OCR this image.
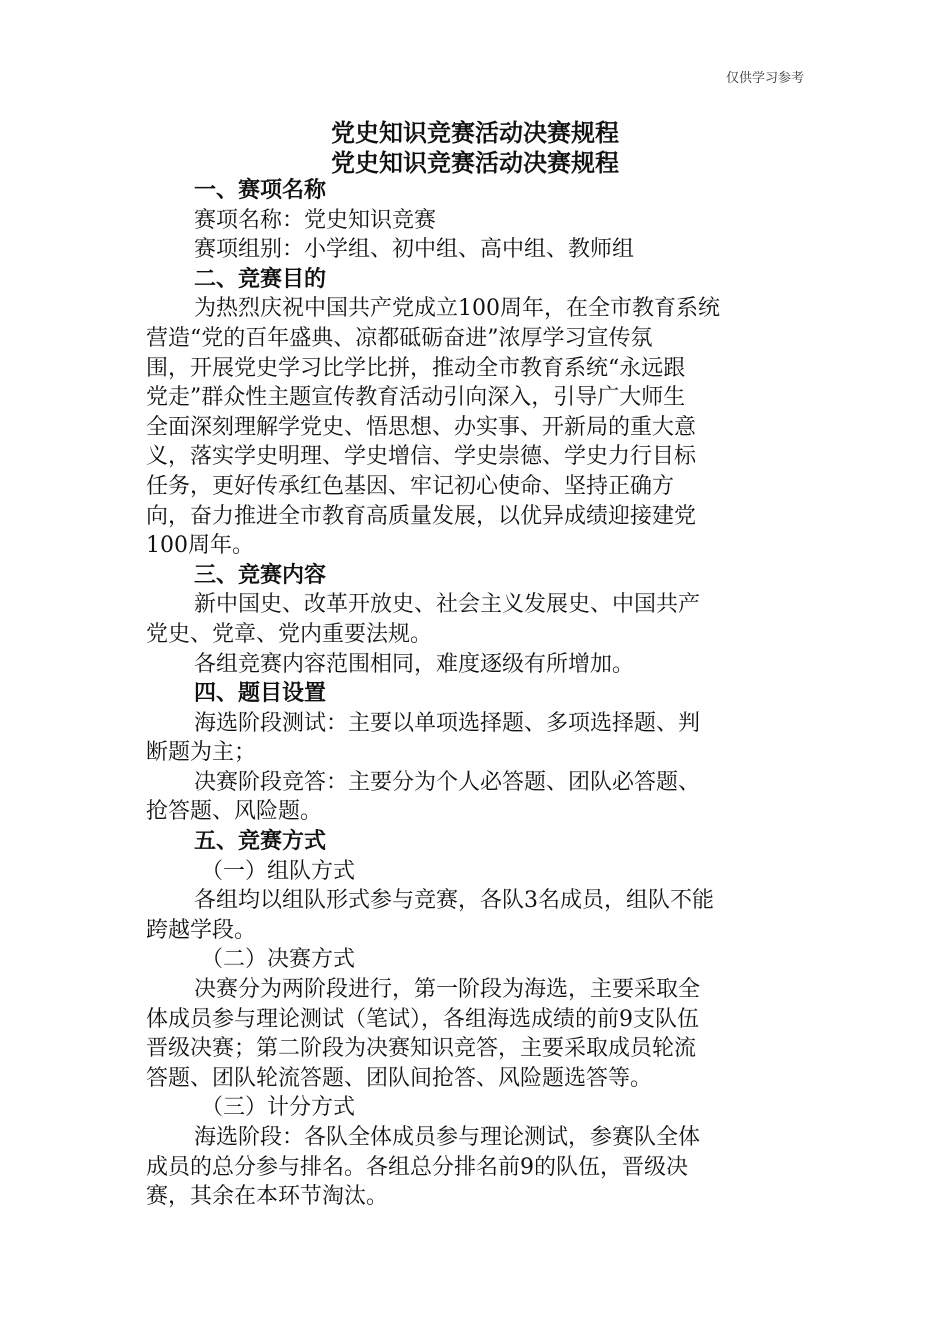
仅供学习参考
党史知识竞赛活动决赛规程
党史知识竞赛活动决赛规程

一、赛项名称

赛项名称：党史知识竞赛

赛项组别：小学组、初中组、高中组、教师组

二、竞赛目的

为热烈庆祝中国共产党成立100周年，在全市教育系统
营造“党的百年盛典、凉都砥砺奋进”浓厚学习宣传氛
围，开展党史学习比学比拼，推动全市教育系统“永远跟
党走”群众性主题宣传教育活动引向深入，引导广大师生
全面深刻理解学党史、悟思想、办实事、开新局的重大意
义，落实学史明理、学史增信、学史崇德、学史力行目标
任务，更好传承红色基因、牢记初心使命、坚持正确方
向，奋力推进全市教育高质量发展，以优异成绩迎接建党
100周年。

三、竞赛内容

新中国史、改革开放史、社会主义发展史、中国共产
党史、党章、党内重要法规。

各组竞赛内容范围相同，难度逐级有所增加。

四、题目设置

海选阶段测试：主要以单项选择题、多项选择题、判
断题为主；

决赛阶段竞答：主要分为个人必答题、团队必答题、
抢答题、风险题。

五、竞赛方式

（一）组队方式

各组均以组队形式参与竞赛，各队3名成员，组队不能
跨越学段。

（二）决赛方式

决赛分为两阶段进行，第一阶段为海选，主要采取全
体成员参与理论测试（笔试），各组海选成绩的前9支队伍
晋级决赛；第二阶段为决赛知识竞答，主要采取成员轮流
答题、团队轮流答题、团队间抢答、风险题选答等。

（三）计分方式

海选阶段：各队全体成员参与理论测试，参赛队全体
成员的总分参与排名。各组总分排名前9的队伍，晋级决
赛，其余在本环节淘汰。
